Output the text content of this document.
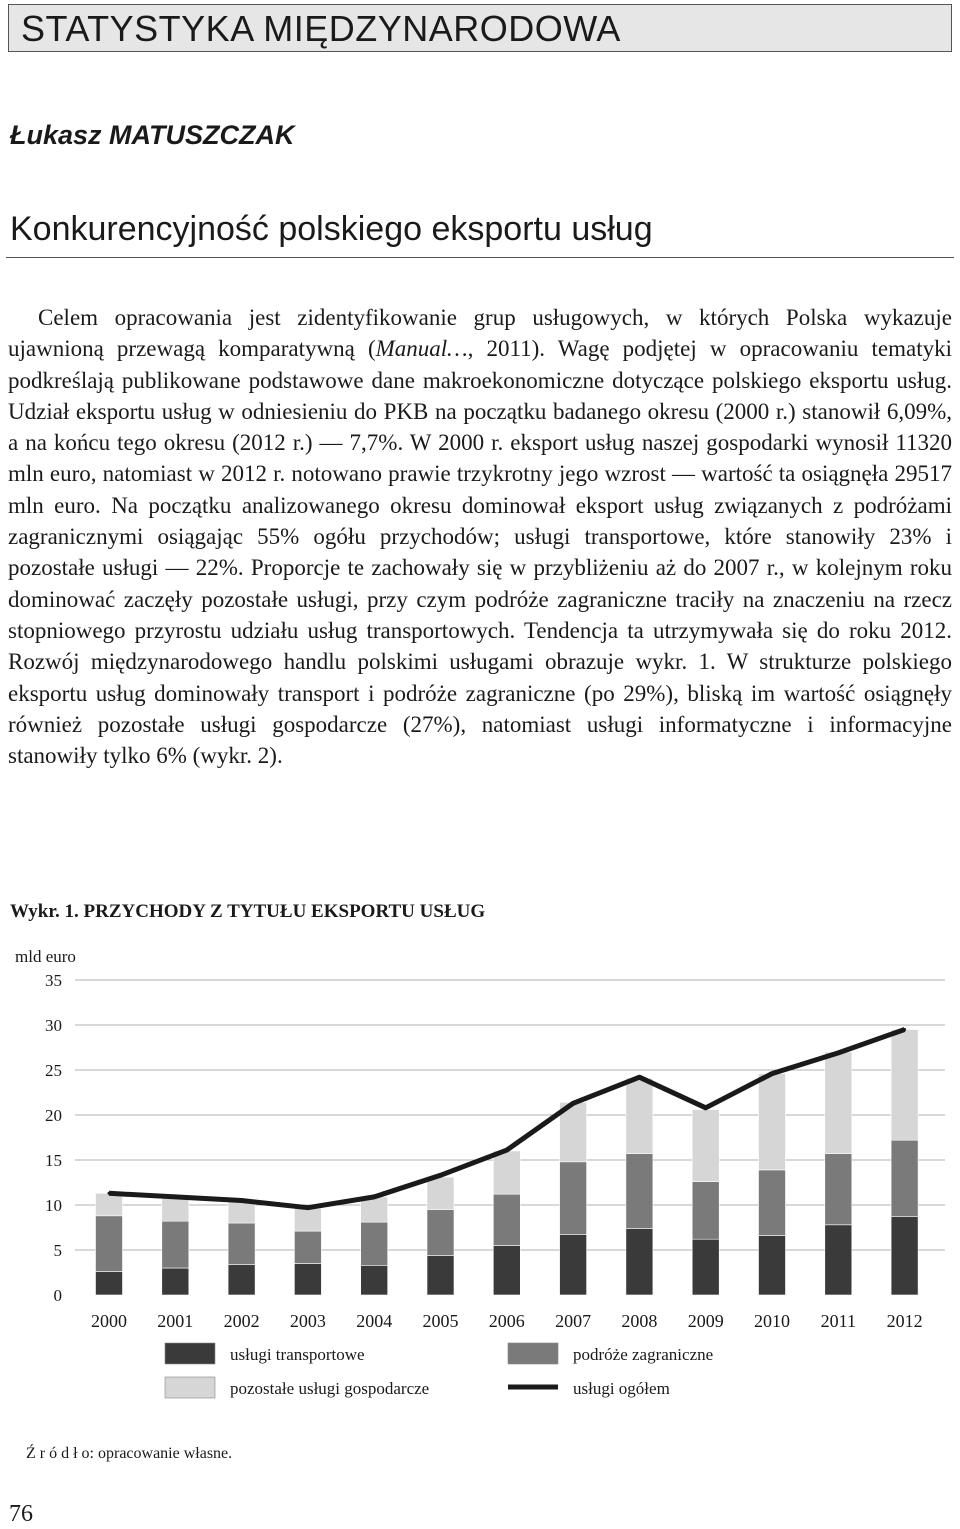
STATYSTYKA MIĘDZYNARODOWA
Łukasz MATUSZCZAK
Konkurencyjność polskiego eksportu usług

Celem opracowania jest zidentyfikowanie grup usługowych, w których Polska wykazuje ujawnioną przewagą komparatywną (Manual…, 2011). Wagę podjętej w opracowaniu tematyki podkreślają publikowane podstawowe dane makroekonomiczne dotyczące polskiego eksportu usług. Udział eksportu usług w odniesieniu do PKB na początku badanego okresu (2000 r.) stanowił 6,09%, a na końcu tego okresu (2012 r.) — 7,7%. W 2000 r. eksport usług naszej gospodarki wynosił 11320 mln euro, natomiast w 2012 r. notowano prawie trzykrotny jego wzrost — wartość ta osiągnęła 29517 mln euro. Na początku analizowanego okresu dominował eksport usług związanych z podróżami zagranicznymi osiągając 55% ogółu przychodów; usługi transportowe, które stanowiły 23% i pozostałe usługi — 22%. Proporcje te zachowały się w przybliżeniu aż do 2007 r., w kolejnym roku dominować zaczęły pozostałe usługi, przy czym podróże zagraniczne traciły na znaczeniu na rzecz stopniowego przyrostu udziału usług transportowych. Tendencja ta utrzymywała się do roku 2012. Rozwój międzynarodowego handlu polskimi usługami obrazuje wykr. 1. W strukturze polskiego eksportu usług dominowały transport i podróże zagraniczne (po 29%), bliską im wartość osiągnęły również pozostałe usługi gospodarcze (27%), natomiast usługi informatyczne i informacyjne stanowiły tylko 6% (wykr. 2).

Wykr. 1. PRZYCHODY Z TYTUŁU EKSPORTU USŁUG
mld euro
0
5
10
15
20
25
30
35
2000 2001 2002 2003 2004 2005 2006 2007 2008 2009 2010 2011 2012
usługi transportowe	podróże zagraniczne
pozostałe usługi gospodarcze	usługi ogółem
Ź r ó d ł o: opracowanie własne.
76
